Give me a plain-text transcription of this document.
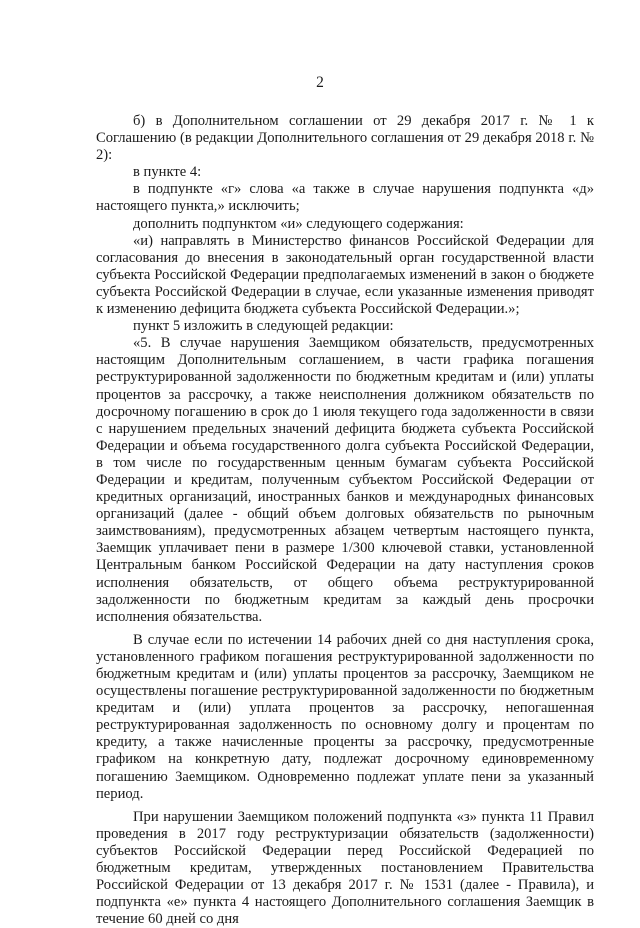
2

б) в Дополнительном соглашении от 29 декабря 2017 г. № 1 к Соглашению (в редакции Дополнительного соглашения от 29 декабря 2018 г. № 2):

в пункте 4:

в подпункте «г» слова «а также в случае нарушения подпункта «д» настоящего пункта,» исключить;

дополнить подпунктом «и» следующего содержания:

«и) направлять в Министерство финансов Российской Федерации для согласования до внесения в законодательный орган государственной власти субъекта Российской Федерации предполагаемых изменений в закон о бюджете субъекта Российской Федерации в случае, если указанные изменения приводят к изменению дефицита бюджета субъекта Российской Федерации.»;

пункт 5 изложить в следующей редакции:

«5. В случае нарушения Заемщиком обязательств, предусмотренных настоящим Дополнительным соглашением, в части графика погашения реструктурированной задолженности по бюджетным кредитам и (или) уплаты процентов за рассрочку, а также неисполнения должником обязательств по досрочному погашению в срок до 1 июля текущего года задолженности в связи с нарушением предельных значений дефицита бюджета субъекта Российской Федерации и объема государственного долга субъекта Российской Федерации, в том числе по государственным ценным бумагам субъекта Российской Федерации и кредитам, полученным субъектом Российской Федерации от кредитных организаций, иностранных банков и международных финансовых организаций (далее - общий объем долговых обязательств по рыночным заимствованиям), предусмотренных абзацем четвертым настоящего пункта, Заемщик уплачивает пени в размере 1/300 ключевой ставки, установленной Центральным банком Российской Федерации на дату наступления сроков исполнения обязательств, от общего объема реструктурированной задолженности по бюджетным кредитам за каждый день просрочки исполнения обязательства.

В случае если по истечении 14 рабочих дней со дня наступления срока, установленного графиком погашения реструктурированной задолженности по бюджетным кредитам и (или) уплаты процентов за рассрочку, Заемщиком не осуществлены погашение реструктурированной задолженности по бюджетным кредитам и (или) уплата процентов за рассрочку, непогашенная реструктурированная задолженность по основному долгу и процентам по кредиту, а также начисленные проценты за рассрочку, предусмотренные графиком на конкретную дату, подлежат досрочному единовременному погашению Заемщиком. Одновременно подлежат уплате пени за указанный период.

При нарушении Заемщиком положений подпункта «з» пункта 11 Правил проведения в 2017 году реструктуризации обязательств (задолженности) субъектов Российской Федерации перед Российской Федерацией по бюджетным кредитам, утвержденных постановлением Правительства Российской Федерации от 13 декабря 2017 г. № 1531 (далее - Правила), и подпункта «е» пункта 4 настоящего Дополнительного соглашения Заемщик в течение 60 дней со дня
